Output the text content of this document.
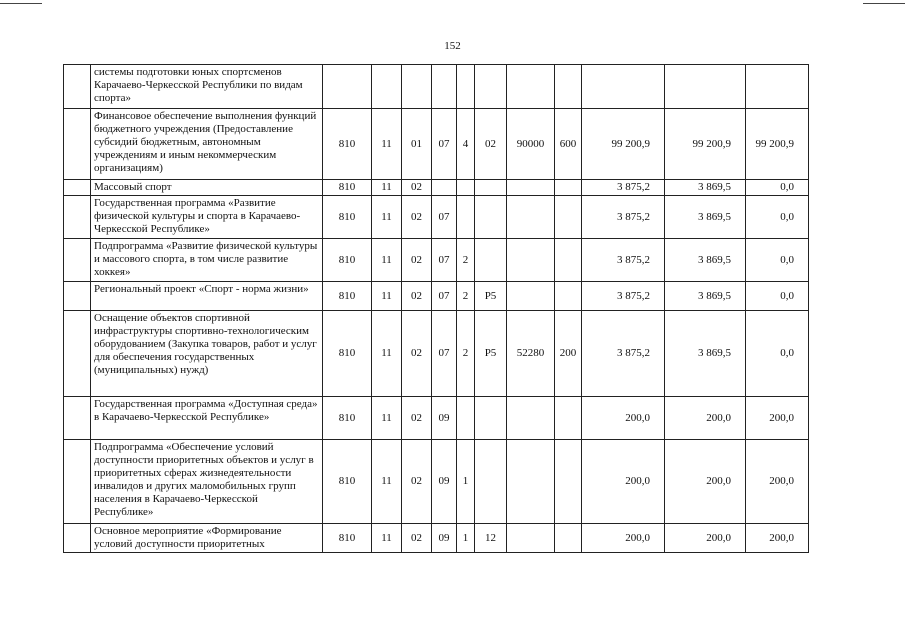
152
	системы подготовки юных спортсменов Карачаево-Черкесской Республики по видам спорта»											
	Финансовое обеспечение выполнения функций бюджетного учреждения (Предоставление субсидий бюджетным, автономным учреждениям и иным некоммерческим организациям)	810	11	01	07	4	02	90000	600	99 200,9	99 200,9	99 200,9
	Массовый спорт	810	11	02						3 875,2	3 869,5	0,0
	Государственная программа «Развитие физической культуры и спорта в Карачаево-Черкесской Республике»	810	11	02	07					3 875,2	3 869,5	0,0
	Подпрограмма «Развитие физической культуры и массового спорта, в том числе развитие хоккея»	810	11	02	07	2				3 875,2	3 869,5	0,0
	Региональный проект «Спорт - норма жизни»	810	11	02	07	2	P5			3 875,2	3 869,5	0,0
	Оснащение объектов спортивной инфраструктуры спортивно-технологическим оборудованием (Закупка товаров, работ и услуг для обеспечения государственных (муниципальных) нужд)	810	11	02	07	2	P5	52280	200	3 875,2	3 869,5	0,0
	Государственная программа «Доступная среда» в Карачаево-Черкесской Республике»	810	11	02	09					200,0	200,0	200,0
	Подпрограмма «Обеспечение условий доступности приоритетных объектов и услуг в приоритетных сферах жизнедеятельности инвалидов и других маломобильных групп населения в Карачаево-Черкесской Республике»	810	11	02	09	1				200,0	200,0	200,0
	Основное мероприятие «Формирование условий доступности приоритетных	810	11	02	09	1	12			200,0	200,0	200,0
